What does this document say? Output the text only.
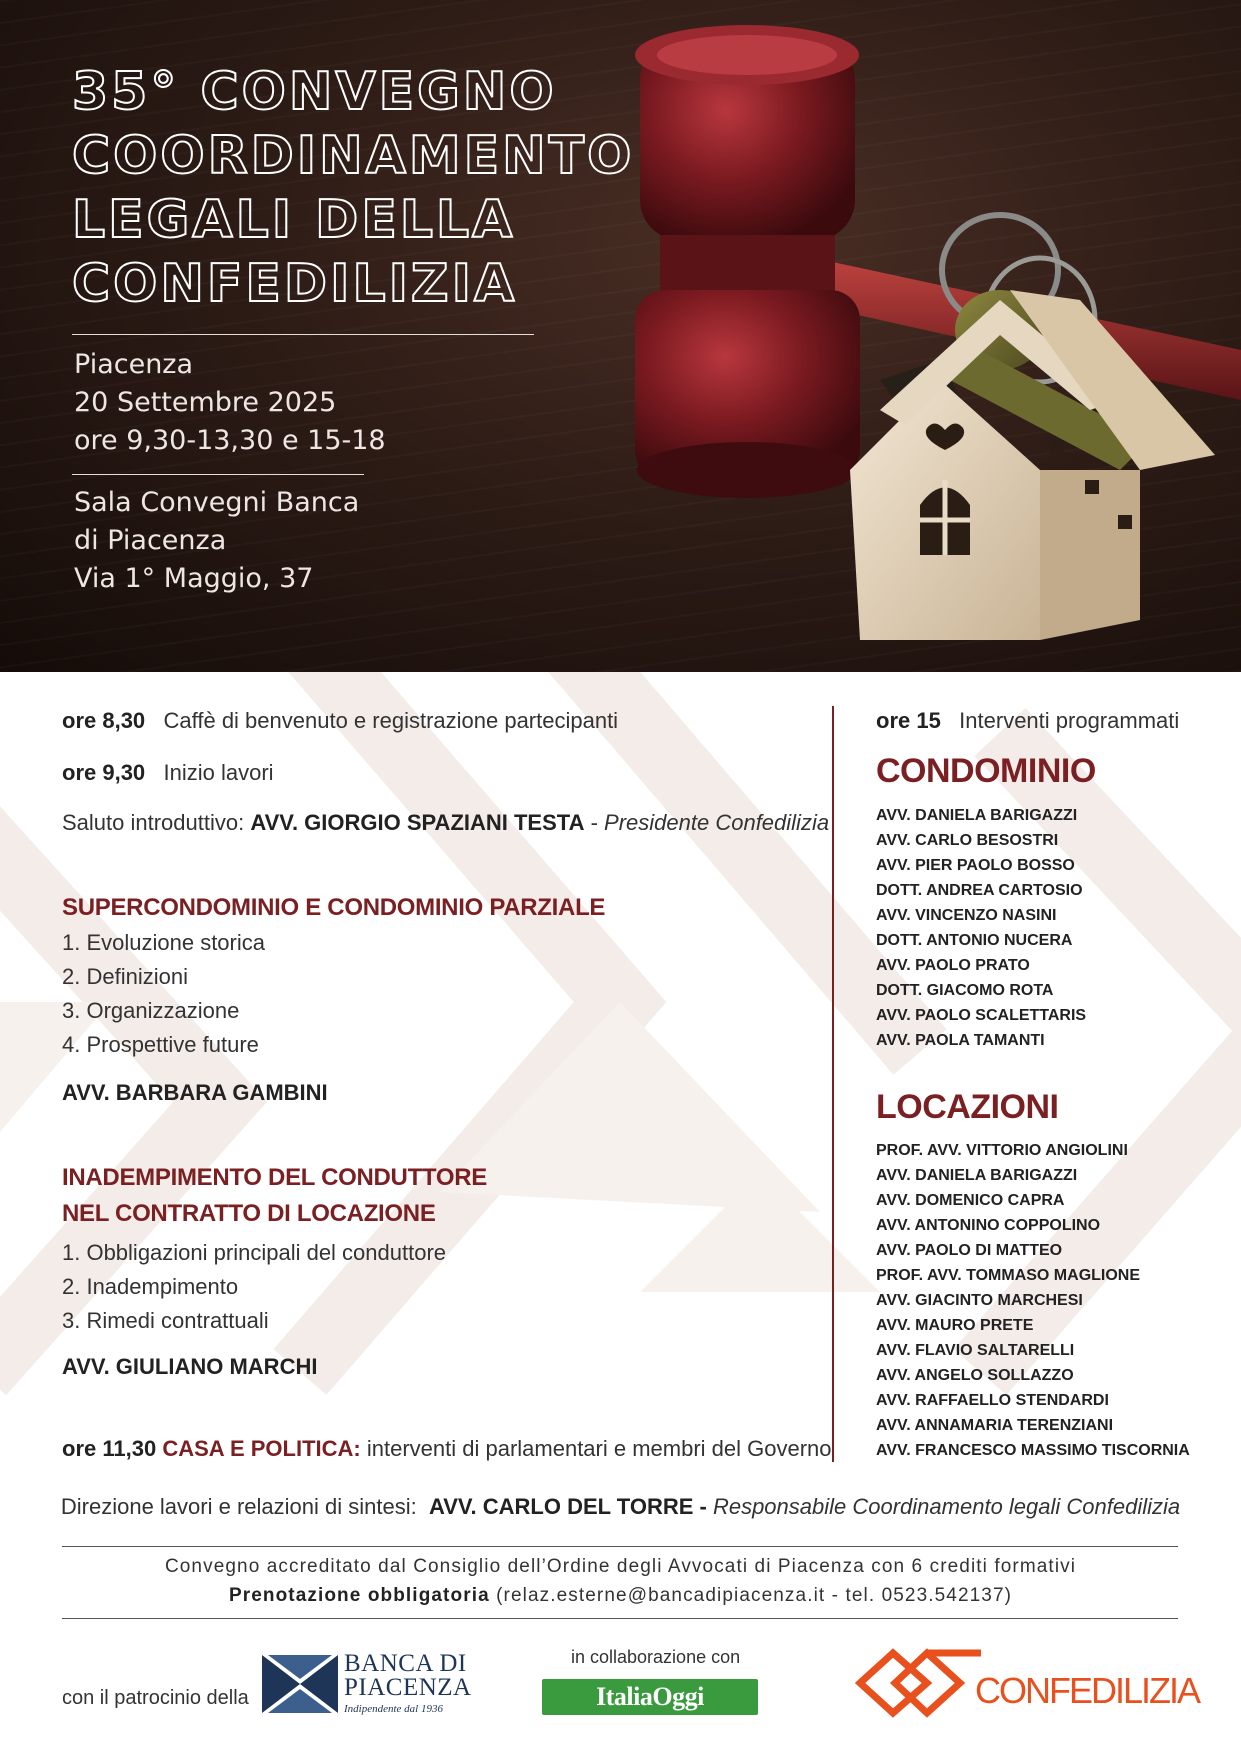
35° CONVEGNO
COORDINAMENTO
LEGALI DELLA
CONFEDILIZIA
Piacenza
20 Settembre 2025
ore 9,30-13,30 e 15-18
Sala Convegni Banca
di Piacenza
Via 1° Maggio, 37
ore 8,30 Caffè di benvenuto e registrazione partecipanti
ore 9,30 Inizio lavori
Saluto introduttivo: AVV. GIORGIO SPAZIANI TESTA - Presidente Confedilizia
SUPERCONDOMINIO E CONDOMINIO PARZIALE
1. Evoluzione storica
2. Definizioni
3. Organizzazione
4. Prospettive future
AVV. BARBARA GAMBINI
INADEMPIMENTO DEL CONDUTTORE
NEL CONTRATTO DI LOCAZIONE
1. Obbligazioni principali del conduttore
2. Inadempimento
3. Rimedi contrattuali
AVV. GIULIANO MARCHI
ore 11,30 CASA E POLITICA: interventi di parlamentari e membri del Governo
ore 15 Interventi programmati
CONDOMINIO
AVV. DANIELA BARIGAZZI
AVV. CARLO BESOSTRI
AVV. PIER PAOLO BOSSO
DOTT. ANDREA CARTOSIO
AVV. VINCENZO NASINI
DOTT. ANTONIO NUCERA
AVV. PAOLO PRATO
DOTT. GIACOMO ROTA
AVV. PAOLO SCALETTARIS
AVV. PAOLA TAMANTI
LOCAZIONI
PROF. AVV. VITTORIO ANGIOLINI
AVV. DANIELA BARIGAZZI
AVV. DOMENICO CAPRA
AVV. ANTONINO COPPOLINO
AVV. PAOLO DI MATTEO
PROF. AVV. TOMMASO MAGLIONE
AVV. GIACINTO MARCHESI
AVV. MAURO PRETE
AVV. FLAVIO SALTARELLI
AVV. ANGELO SOLLAZZO
AVV. RAFFAELLO STENDARDI
AVV. ANNAMARIA TERENZIANI
AVV. FRANCESCO MASSIMO TISCORNIA
Direzione lavori e relazioni di sintesi: AVV. CARLO DEL TORRE - Responsabile Coordinamento legali Confedilizia
Convegno accreditato dal Consiglio dell’Ordine degli Avvocati di Piacenza con 6 crediti formativi
Prenotazione obbligatoria (relaz.esterne@bancadipiacenza.it - tel. 0523.542137)
con il patrocinio della
BANCA DI
PIACENZA
Indipendente dal 1936
in collaborazione con
ItaliaOggi	CONFEDILIZIA
